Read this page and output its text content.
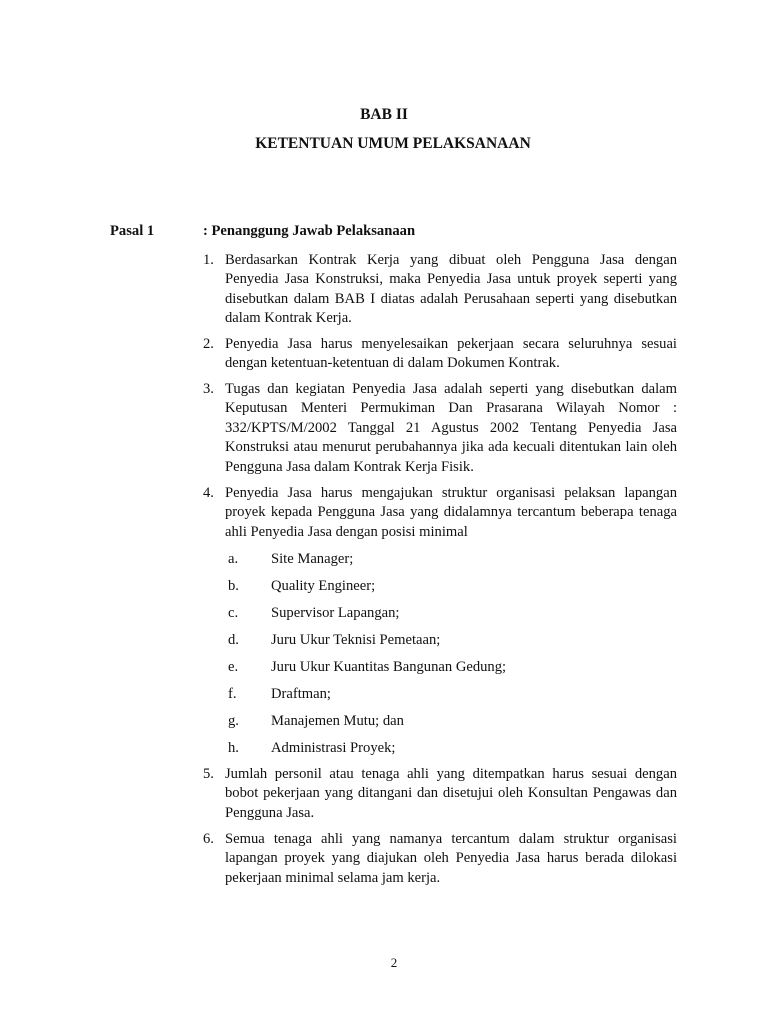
BAB II
KETENTUAN UMUM PELAKSANAAN
Pasal 1	: Penanggung Jawab Pelaksanaan
1. Berdasarkan Kontrak Kerja yang dibuat oleh Pengguna Jasa dengan Penyedia Jasa Konstruksi, maka Penyedia Jasa untuk proyek seperti yang disebutkan dalam BAB I diatas adalah Perusahaan seperti yang disebutkan dalam Kontrak Kerja.
2. Penyedia Jasa harus menyelesaikan pekerjaan secara seluruhnya sesuai dengan ketentuan-ketentuan di dalam Dokumen Kontrak.
3. Tugas dan kegiatan Penyedia Jasa adalah seperti yang disebutkan dalam Keputusan Menteri Permukiman Dan Prasarana Wilayah Nomor : 332/KPTS/M/2002 Tanggal 21 Agustus 2002 Tentang Penyedia Jasa Konstruksi atau menurut perubahannya jika ada kecuali ditentukan lain oleh Pengguna Jasa dalam Kontrak Kerja Fisik.
4. Penyedia Jasa harus mengajukan struktur organisasi pelaksan lapangan proyek kepada Pengguna Jasa yang didalamnya tercantum beberapa tenaga ahli Penyedia Jasa dengan posisi minimal
5. Jumlah personil atau tenaga ahli yang ditempatkan harus sesuai dengan bobot pekerjaan yang ditangani dan disetujui oleh Konsultan Pengawas dan Pengguna Jasa.
6. Semua tenaga ahli yang namanya tercantum dalam struktur organisasi lapangan proyek yang diajukan oleh Penyedia Jasa harus berada dilokasi pekerjaan minimal selama jam kerja.
a. Site Manager;
b. Quality Engineer;
c. Supervisor Lapangan;
d. Juru Ukur Teknisi Pemetaan;
e. Juru Ukur Kuantitas Bangunan Gedung;
f. Draftman;
g. Manajemen Mutu; dan
h. Administrasi Proyek;
2
